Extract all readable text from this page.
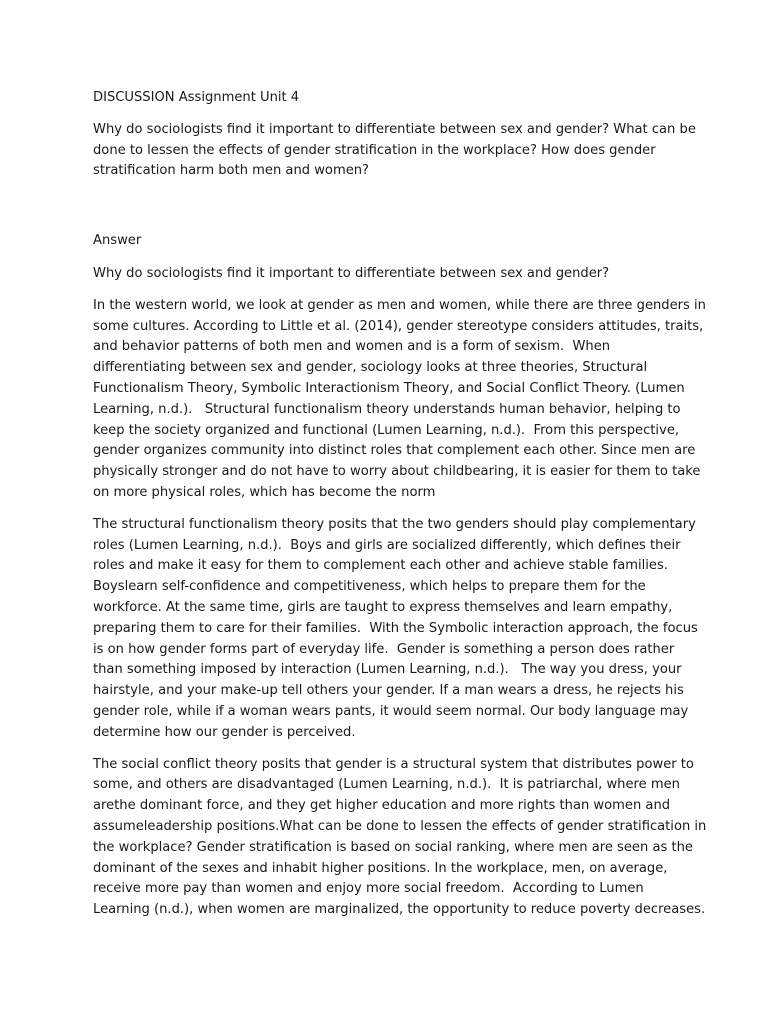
DISCUSSION Assignment Unit 4

Why do sociologists find it important to differentiate between sex and gender? What can be
done to lessen the effects of gender stratification in the workplace? How does gender
stratification harm both men and women?

Answer

Why do sociologists find it important to differentiate between sex and gender?

In the western world, we look at gender as men and women, while there are three genders in
some cultures. According to Little et al. (2014), gender stereotype considers attitudes, traits,
and behavior patterns of both men and women and is a form of sexism.  When
differentiating between sex and gender, sociology looks at three theories, Structural
Functionalism Theory, Symbolic Interactionism Theory, and Social Conflict Theory. (Lumen
Learning, n.d.).   Structural functionalism theory understands human behavior, helping to
keep the society organized and functional (Lumen Learning, n.d.).  From this perspective,
gender organizes community into distinct roles that complement each other. Since men are
physically stronger and do not have to worry about childbearing, it is easier for them to take
on more physical roles, which has become the norm

The structural functionalism theory posits that the two genders should play complementary
roles (Lumen Learning, n.d.).  Boys and girls are socialized differently, which defines their
roles and make it easy for them to complement each other and achieve stable families.
Boyslearn self-confidence and competitiveness, which helps to prepare them for the
workforce. At the same time, girls are taught to express themselves and learn empathy,
preparing them to care for their families.  With the Symbolic interaction approach, the focus
is on how gender forms part of everyday life.  Gender is something a person does rather
than something imposed by interaction (Lumen Learning, n.d.).   The way you dress, your
hairstyle, and your make-up tell others your gender. If a man wears a dress, he rejects his
gender role, while if a woman wears pants, it would seem normal. Our body language may
determine how our gender is perceived.

The social conflict theory posits that gender is a structural system that distributes power to
some, and others are disadvantaged (Lumen Learning, n.d.).  It is patriarchal, where men
arethe dominant force, and they get higher education and more rights than women and
assumeleadership positions.What can be done to lessen the effects of gender stratification in
the workplace? Gender stratification is based on social ranking, where men are seen as the
dominant of the sexes and inhabit higher positions. In the workplace, men, on average,
receive more pay than women and enjoy more social freedom.  According to Lumen
Learning (n.d.), when women are marginalized, the opportunity to reduce poverty decreases.
